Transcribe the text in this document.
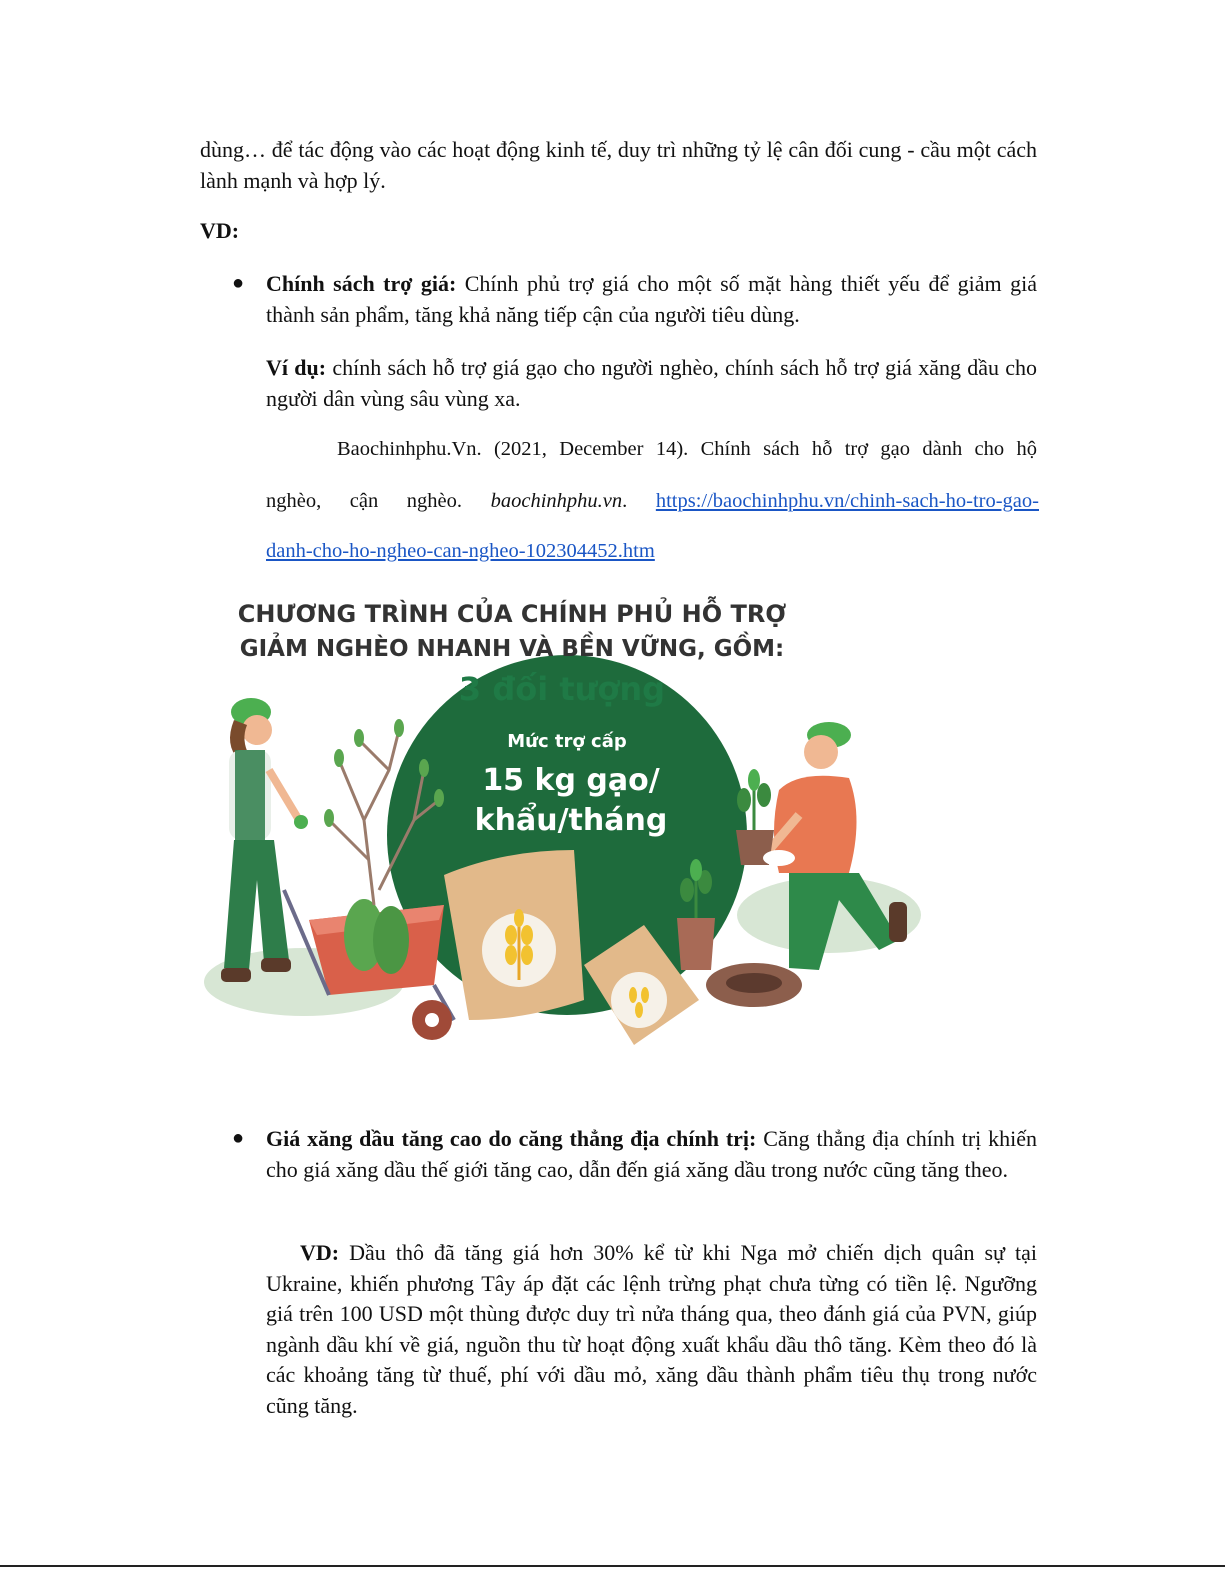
dùng… để tác động vào các hoạt động kinh tế, duy trì những tỷ lệ cân đối cung - cầu một cách lành mạnh và hợp lý.

VD:
● Chính sách trợ giá: Chính phủ trợ giá cho một số mặt hàng thiết yếu để giảm giá thành sản phẩm, tăng khả năng tiếp cận của người tiêu dùng.

Ví dụ: chính sách hỗ trợ giá gạo cho người nghèo, chính sách hỗ trợ giá xăng dầu cho người dân vùng sâu vùng xa.

Baochinhphu.Vn. (2021, December 14). Chính sách hỗ trợ gạo dành cho hộ
nghèo, cận nghèo. baochinhphu.vn. https://baochinhphu.vn/chinh-sach-ho-tro-gao-
danh-cho-ho-ngheo-can-ngheo-102304452.htm
CHƯƠNG TRÌNH CỦA CHÍNH PHỦ HỖ TRỢ
GIẢM NGHÈO NHANH VÀ BỀN VỮNG, GỒM:
3 đối tượng
Mức trợ cấp
15 kg gạo/
khẩu/tháng
● Giá xăng dầu tăng cao do căng thẳng địa chính trị: Căng thẳng địa chính trị khiến cho giá xăng dầu thế giới tăng cao, dẫn đến giá xăng dầu trong nước cũng tăng theo.

VD: Dầu thô đã tăng giá hơn 30% kể từ khi Nga mở chiến dịch quân sự tại Ukraine, khiến phương Tây áp đặt các lệnh trừng phạt chưa từng có tiền lệ. Ngưỡng giá trên 100 USD một thùng được duy trì nửa tháng qua, theo đánh giá của PVN, giúp ngành dầu khí về giá, nguồn thu từ hoạt động xuất khẩu dầu thô tăng. Kèm theo đó là các khoảng tăng từ thuế, phí với dầu mỏ, xăng dầu thành phẩm tiêu thụ trong nước cũng tăng.
